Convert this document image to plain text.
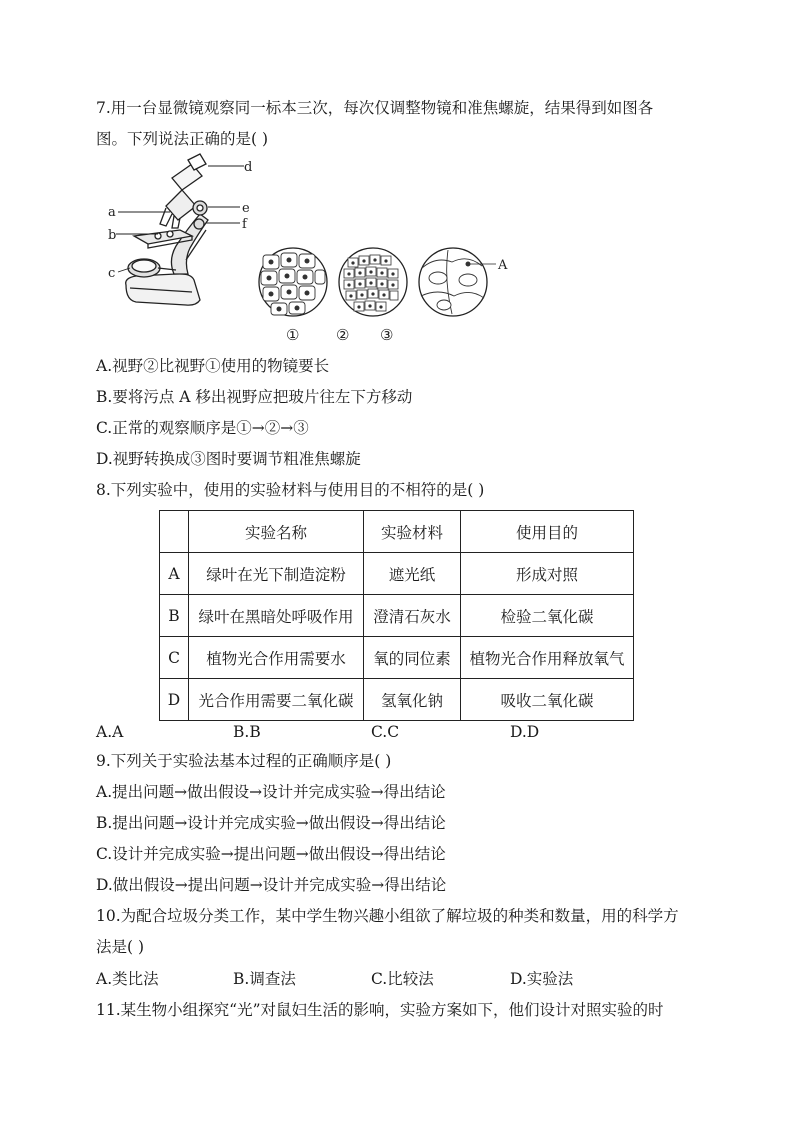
7.用一台显微镜观察同一标本三次，每次仅调整物镜和准焦螺旋，结果得到如图各
图。下列说法正确的是( )
d
a	e
f
b
c
A
① ② ③
A.视野②比视野①使用的物镜要长
B.要将污点 A 移出视野应把玻片往左下方移动
C.正常的观察顺序是①→②→③
D.视野转换成③图时要调节粗准焦螺旋
8.下列实验中，使用的实验材料与使用目的不相符的是( )
	实验名称	实验材料	使用目的
A	绿叶在光下制造淀粉	遮光纸	形成对照
B	绿叶在黑暗处呼吸作用	澄清石灰水	检验二氧化碳
C	植物光合作用需要水	氧的同位素	植物光合作用释放氧气
D	光合作用需要二氧化碳	氢氧化钠	吸收二氧化碳
A.A	B.B	C.C	D.D
9.下列关于实验法基本过程的正确顺序是( )
A.提出问题→做出假设→设计并完成实验→得出结论
B.提出问题→设计并完成实验→做出假设→得出结论
C.设计并完成实验→提出问题→做出假设→得出结论
D.做出假设→提出问题→设计并完成实验→得出结论
10.为配合垃圾分类工作，某中学生物兴趣小组欲了解垃圾的种类和数量，用的科学方
法是( )
A.类比法	B.调查法	C.比较法	D.实验法
11.某生物小组探究“光”对鼠妇生活的影响，实验方案如下，他们设计对照实验的时
